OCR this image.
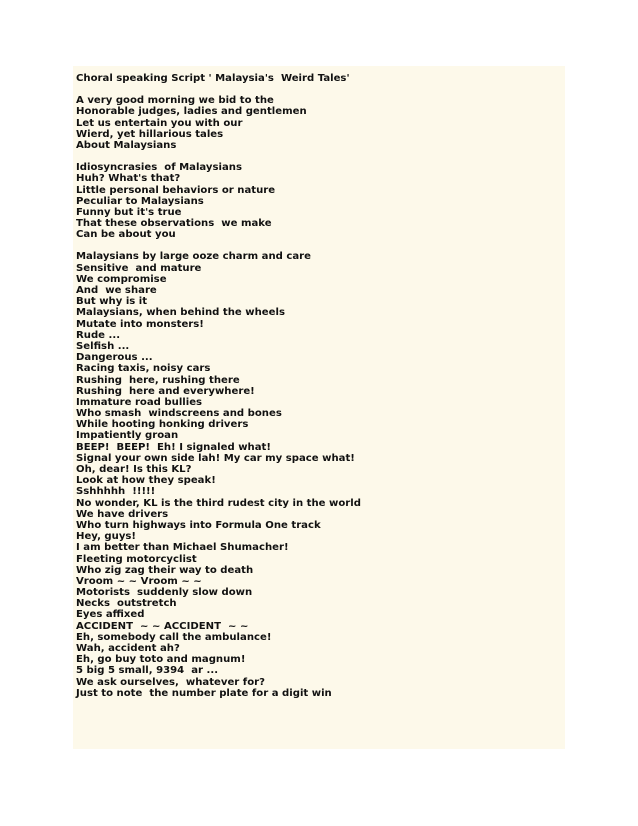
Choral speaking Script ' Malaysia's  Weird Tales'
A very good morning we bid to the
Honorable judges, ladies and gentlemen
Let us entertain you with our
Wierd, yet hillarious tales
About Malaysians
Idiosyncrasies  of Malaysians
Huh? What's that?
Little personal behaviors or nature
Peculiar to Malaysians
Funny but it's true
That these observations  we make
Can be about you
Malaysians by large ooze charm and care
Sensitive  and mature
We compromise
And  we share
But why is it
Malaysians, when behind the wheels
Mutate into monsters!
Rude ...
Selfish ...
Dangerous ...
Racing taxis, noisy cars
Rushing  here, rushing there
Rushing  here and everywhere!
Immature road bullies
Who smash  windscreens and bones
While hooting honking drivers
Impatiently groan
BEEP!  BEEP!  Eh! I signaled what!
Signal your own side lah! My car my space what!
Oh, dear! Is this KL?
Look at how they speak!
Sshhhhh  !!!!!
No wonder, KL is the third rudest city in the world
We have drivers
Who turn highways into Formula One track
Hey, guys!
I am better than Michael Shumacher!
Fleeting motorcyclist
Who zig zag their way to death
Vroom ~ ~ Vroom ~ ~
Motorists  suddenly slow down
Necks  outstretch
Eyes affixed
ACCIDENT  ~ ~ ACCIDENT  ~ ~
Eh, somebody call the ambulance!
Wah, accident ah?
Eh, go buy toto and magnum!
5 big 5 small, 9394  ar ...
We ask ourselves,  whatever for?
Just to note  the number plate for a digit win
